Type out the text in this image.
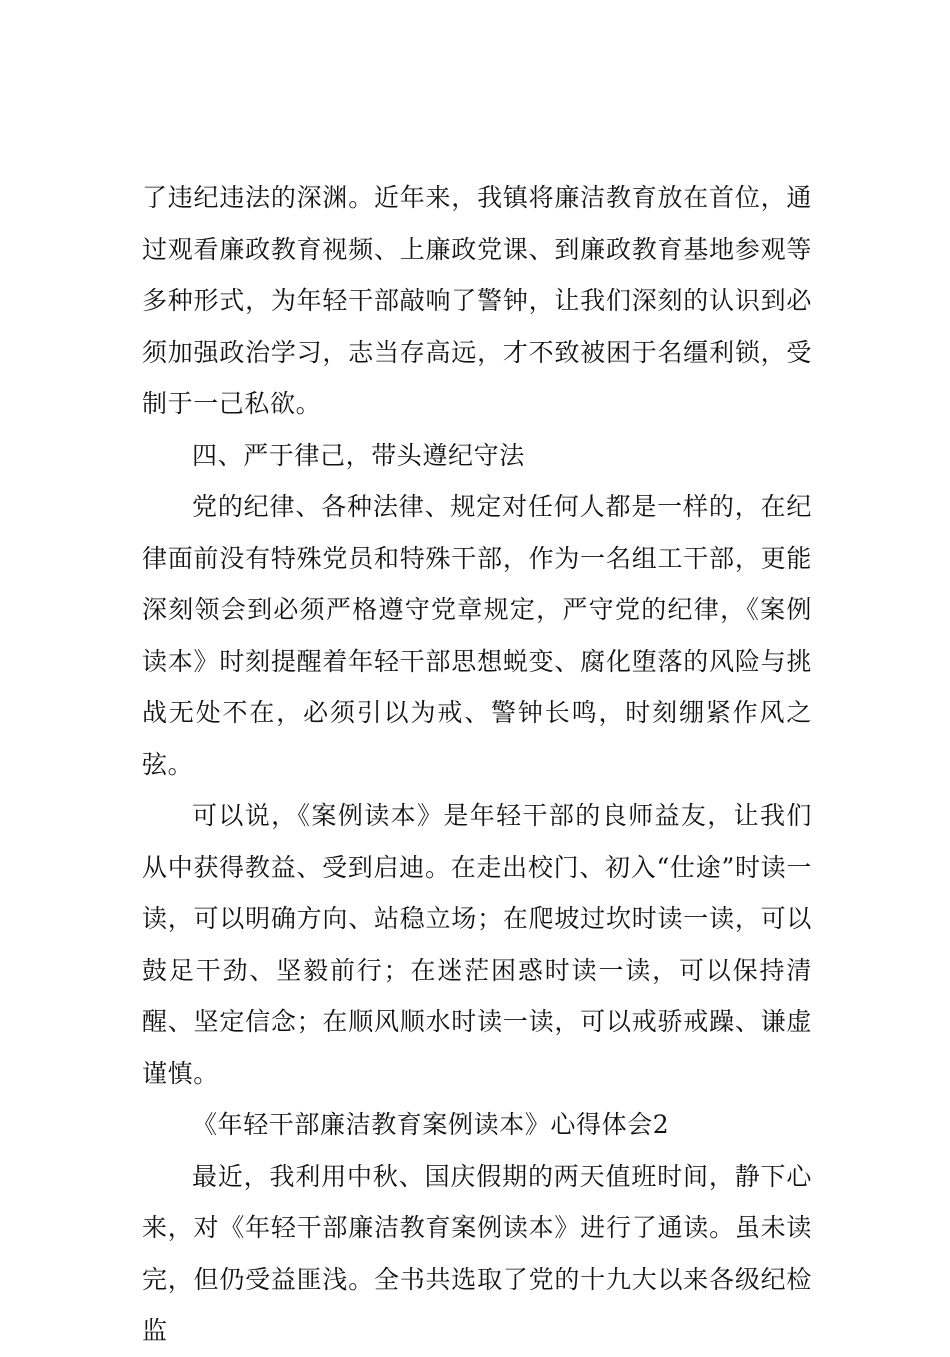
了违纪违法的深渊。近年来，我镇将廉洁教育放在首位，通过观看廉政教育视频、上廉政党课、到廉政教育基地参观等多种形式，为年轻干部敲响了警钟，让我们深刻的认识到必须加强政治学习，志当存高远，才不致被困于名缰利锁，受制于一己私欲。

四、严于律己，带头遵纪守法

党的纪律、各种法律、规定对任何人都是一样的，在纪律面前没有特殊党员和特殊干部，作为一名组工干部，更能深刻领会到必须严格遵守党章规定，严守党的纪律，《案例读本》时刻提醒着年轻干部思想蜕变、腐化堕落的风险与挑战无处不在，必须引以为戒、警钟长鸣，时刻绷紧作风之弦。

可以说，《案例读本》是年轻干部的良师益友，让我们从中获得教益、受到启迪。在走出校门、初入“仕途”时读一读，可以明确方向、站稳立场；在爬坡过坎时读一读，可以鼓足干劲、坚毅前行；在迷茫困惑时读一读，可以保持清醒、坚定信念；在顺风顺水时读一读，可以戒骄戒躁、谦虚谨慎。

《年轻干部廉洁教育案例读本》心得体会2

最近，我利用中秋、国庆假期的两天值班时间，静下心来，对《年轻干部廉洁教育案例读本》进行了通读。虽未读完，但仍受益匪浅。全书共选取了党的十九大以来各级纪检监
